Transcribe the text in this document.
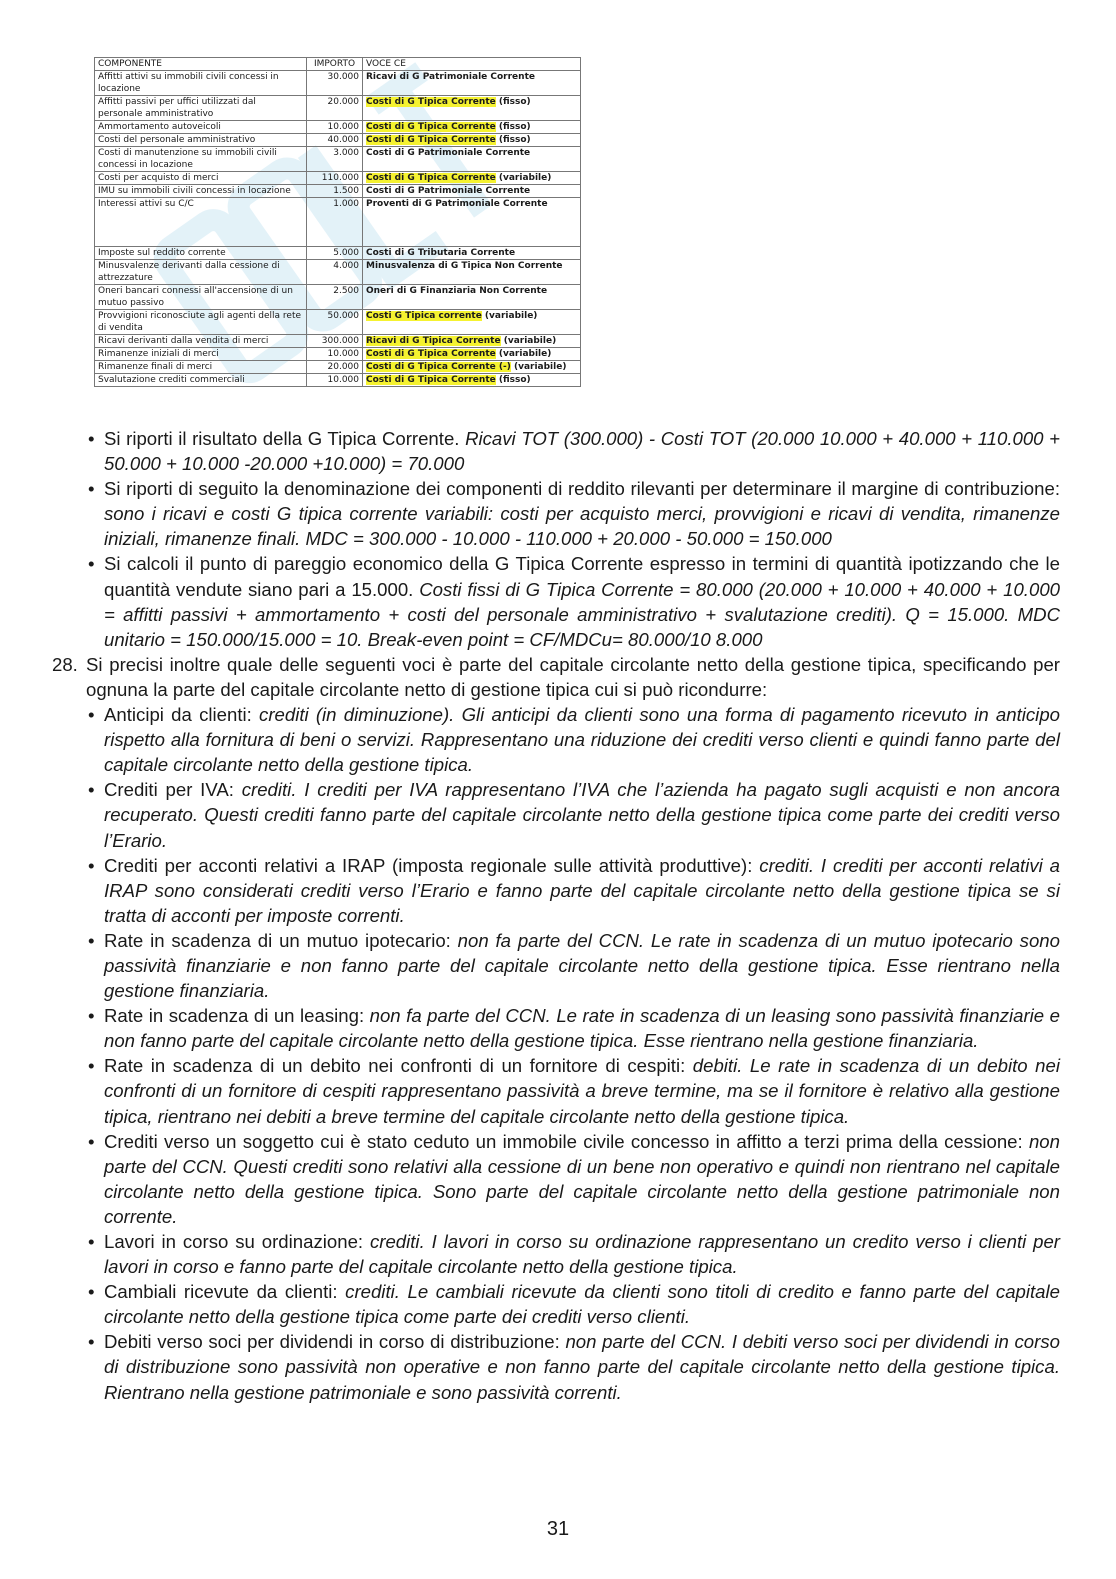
COMPONENTE	IMPORTO	VOCE CE
Affitti attivi su immobili civili concessi in locazione	30.000	Ricavi di G Patrimoniale Corrente
Affitti passivi per uffici utilizzati dal personale amministrativo	20.000	Costi di G Tipica Corrente (fisso)
Ammortamento autoveicoli	10.000	Costi di G Tipica Corrente (fisso)
Costi del personale amministrativo	40.000	Costi di G Tipica Corrente (fisso)
Costi di manutenzione su immobili civili concessi in locazione	3.000	Costi di G Patrimoniale Corrente
Costi per acquisto di merci	110.000	Costi di G Tipica Corrente (variabile)
IMU su immobili civili concessi in locazione	1.500	Costi di G Patrimoniale Corrente
Interessi attivi su C/C	1.000	Proventi di G Patrimoniale Corrente
Imposte sul reddito corrente	5.000	Costi di G Tributaria Corrente
Minusvalenze derivanti dalla cessione di attrezzature	4.000	Minusvalenza di G Tipica Non Corrente
Oneri bancari connessi all'accensione di un mutuo passivo	2.500	Oneri di G Finanziaria Non Corrente
Provvigioni riconosciute agli agenti della rete di vendita	50.000	Costi G Tipica corrente (variabile)
Ricavi derivanti dalla vendita di merci	300.000	Ricavi di G Tipica Corrente (variabile)
Rimanenze iniziali di merci	10.000	Costi di G Tipica Corrente (variabile)
Rimanenze finali di merci	20.000	Costi di G Tipica Corrente (-) (variabile)
Svalutazione crediti commerciali	10.000	Costi di G Tipica Corrente (fisso)
• Si riporti il risultato della G Tipica Corrente. Ricavi TOT (300.000) - Costi TOT (20.000 10.000 + 40.000 + 110.000 + 50.000 + 10.000 -20.000 +10.000) = 70.000
• Si riporti di seguito la denominazione dei componenti di reddito rilevanti per determinare il margine di contribuzione: sono i ricavi e costi G tipica corrente variabili: costi per acquisto merci, provvigioni e ricavi di vendita, rimanenze iniziali, rimanenze finali. MDC = 300.000 - 10.000 - 110.000 + 20.000 - 50.000 = 150.000
• Si calcoli il punto di pareggio economico della G Tipica Corrente espresso in termini di quantità ipotizzando che le quantità vendute siano pari a 15.000. Costi fissi di G Tipica Corrente = 80.000 (20.000 + 10.000 + 40.000 + 10.000 = affitti passivi + ammortamento + costi del personale amministrativo + svalutazione crediti). Q = 15.000. MDC unitario = 150.000/15.000 = 10. Break-even point = CF/MDCu= 80.000/10 8.000

28. Si precisi inoltre quale delle seguenti voci è parte del capitale circolante netto della gestione tipica, specificando per ognuna la parte del capitale circolante netto di gestione tipica cui si può ricondurre:

• Anticipi da clienti: crediti (in diminuzione). Gli anticipi da clienti sono una forma di pagamento ricevuto in anticipo rispetto alla fornitura di beni o servizi. Rappresentano una riduzione dei crediti verso clienti e quindi fanno parte del capitale circolante netto della gestione tipica.
• Crediti per IVA: crediti. I crediti per IVA rappresentano l’IVA che l’azienda ha pagato sugli acquisti e non ancora recuperato. Questi crediti fanno parte del capitale circolante netto della gestione tipica come parte dei crediti verso l’Erario.
• Crediti per acconti relativi a IRAP (imposta regionale sulle attività produttive): crediti. I crediti per acconti relativi a IRAP sono considerati crediti verso l’Erario e fanno parte del capitale circolante netto della gestione tipica se si tratta di acconti per imposte correnti.
• Rate in scadenza di un mutuo ipotecario: non fa parte del CCN. Le rate in scadenza di un mutuo ipotecario sono passività finanziarie e non fanno parte del capitale circolante netto della gestione tipica. Esse rientrano nella gestione finanziaria.
• Rate in scadenza di un leasing: non fa parte del CCN. Le rate in scadenza di un leasing sono passività finanziarie e non fanno parte del capitale circolante netto della gestione tipica. Esse rientrano nella gestione finanziaria.
• Rate in scadenza di un debito nei confronti di un fornitore di cespiti: debiti. Le rate in scadenza di un debito nei confronti di un fornitore di cespiti rappresentano passività a breve termine, ma se il fornitore è relativo alla gestione tipica, rientrano nei debiti a breve termine del capitale circolante netto della gestione tipica.
• Crediti verso un soggetto cui è stato ceduto un immobile civile concesso in affitto a terzi prima della cessione: non parte del CCN. Questi crediti sono relativi alla cessione di un bene non operativo e quindi non rientrano nel capitale circolante netto della gestione tipica. Sono parte del capitale circolante netto della gestione patrimoniale non corrente.
• Lavori in corso su ordinazione: crediti. I lavori in corso su ordinazione rappresentano un credito verso i clienti per lavori in corso e fanno parte del capitale circolante netto della gestione tipica.
• Cambiali ricevute da clienti: crediti. Le cambiali ricevute da clienti sono titoli di credito e fanno parte del capitale circolante netto della gestione tipica come parte dei crediti verso clienti.
• Debiti verso soci per dividendi in corso di distribuzione: non parte del CCN. I debiti verso soci per dividendi in corso di distribuzione sono passività non operative e non fanno parte del capitale circolante netto della gestione tipica. Rientrano nella gestione patrimoniale e sono passività correnti.
31
